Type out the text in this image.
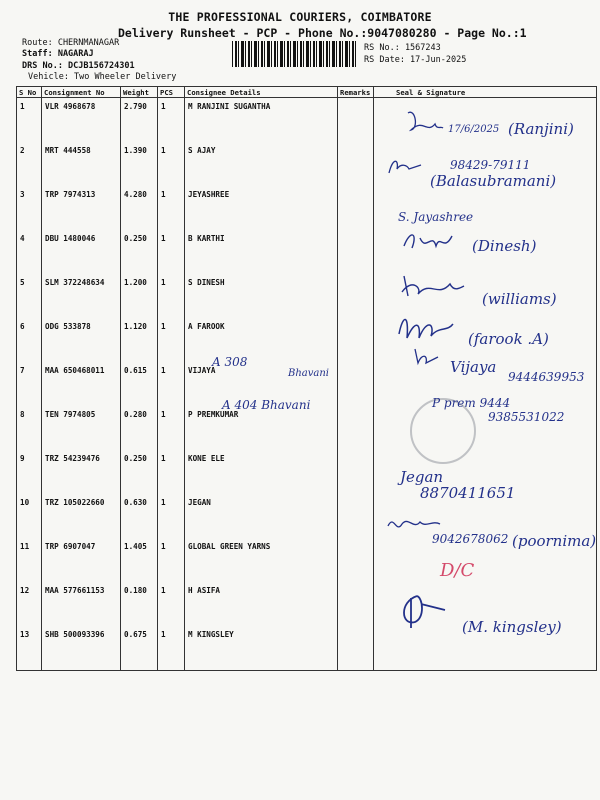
THE PROFESSIONAL COURIERS, COIMBATORE
Delivery Runsheet - PCP - Phone No.:9047080280 - Page No.:1
Route: CHERNMANAGAR
Staff: NAGARAJ
DRS No.: DCJB156724301
Vehicle: Two Wheeler Delivery
RS No.: 1567243
RS Date: 17-Jun-2025
S No	Consignment No	Weight	PCS	Consignee Details	Remarks	Seal & Signature
1	VLR 4968678	2.790	1	M RANJINI SUGANTHA		
2	MRT 444558	1.390	1	S AJAY		
3	TRP 7974313	4.280	1	JEYASHREE		
4	DBU 1480046	0.250	1	B KARTHI		
5	SLM 372248634	1.200	1	S DINESH		
6	ODG 533878	1.120	1	A FAROOK		
7	MAA 650468011	0.615	1	VIJAYA		
8	TEN 7974805	0.280	1	P PREMKUMAR		
9	TRZ 54239476	0.250	1	KONE ELE		
10	TRZ 105022660	0.630	1	JEGAN		
11	TRP 6907047	1.405	1	GLOBAL GREEN YARNS		
12	MAA 577661153	0.180	1	H ASIFA		
13	SHB 500093396	0.675	1	M KINGSLEY		
17/6/2025 (Ranjini)
98429-79111
(Balasubramani)
S. Jayashree
(Dinesh)
(williams)
(farook .A)
A 308
Bhavani	Vijaya
9444639953
A 404 Bhavani	P prem 9444
9385531022
Jegan
8870411651
9042678062 (poornima)
D/C
(M. kingsley)
